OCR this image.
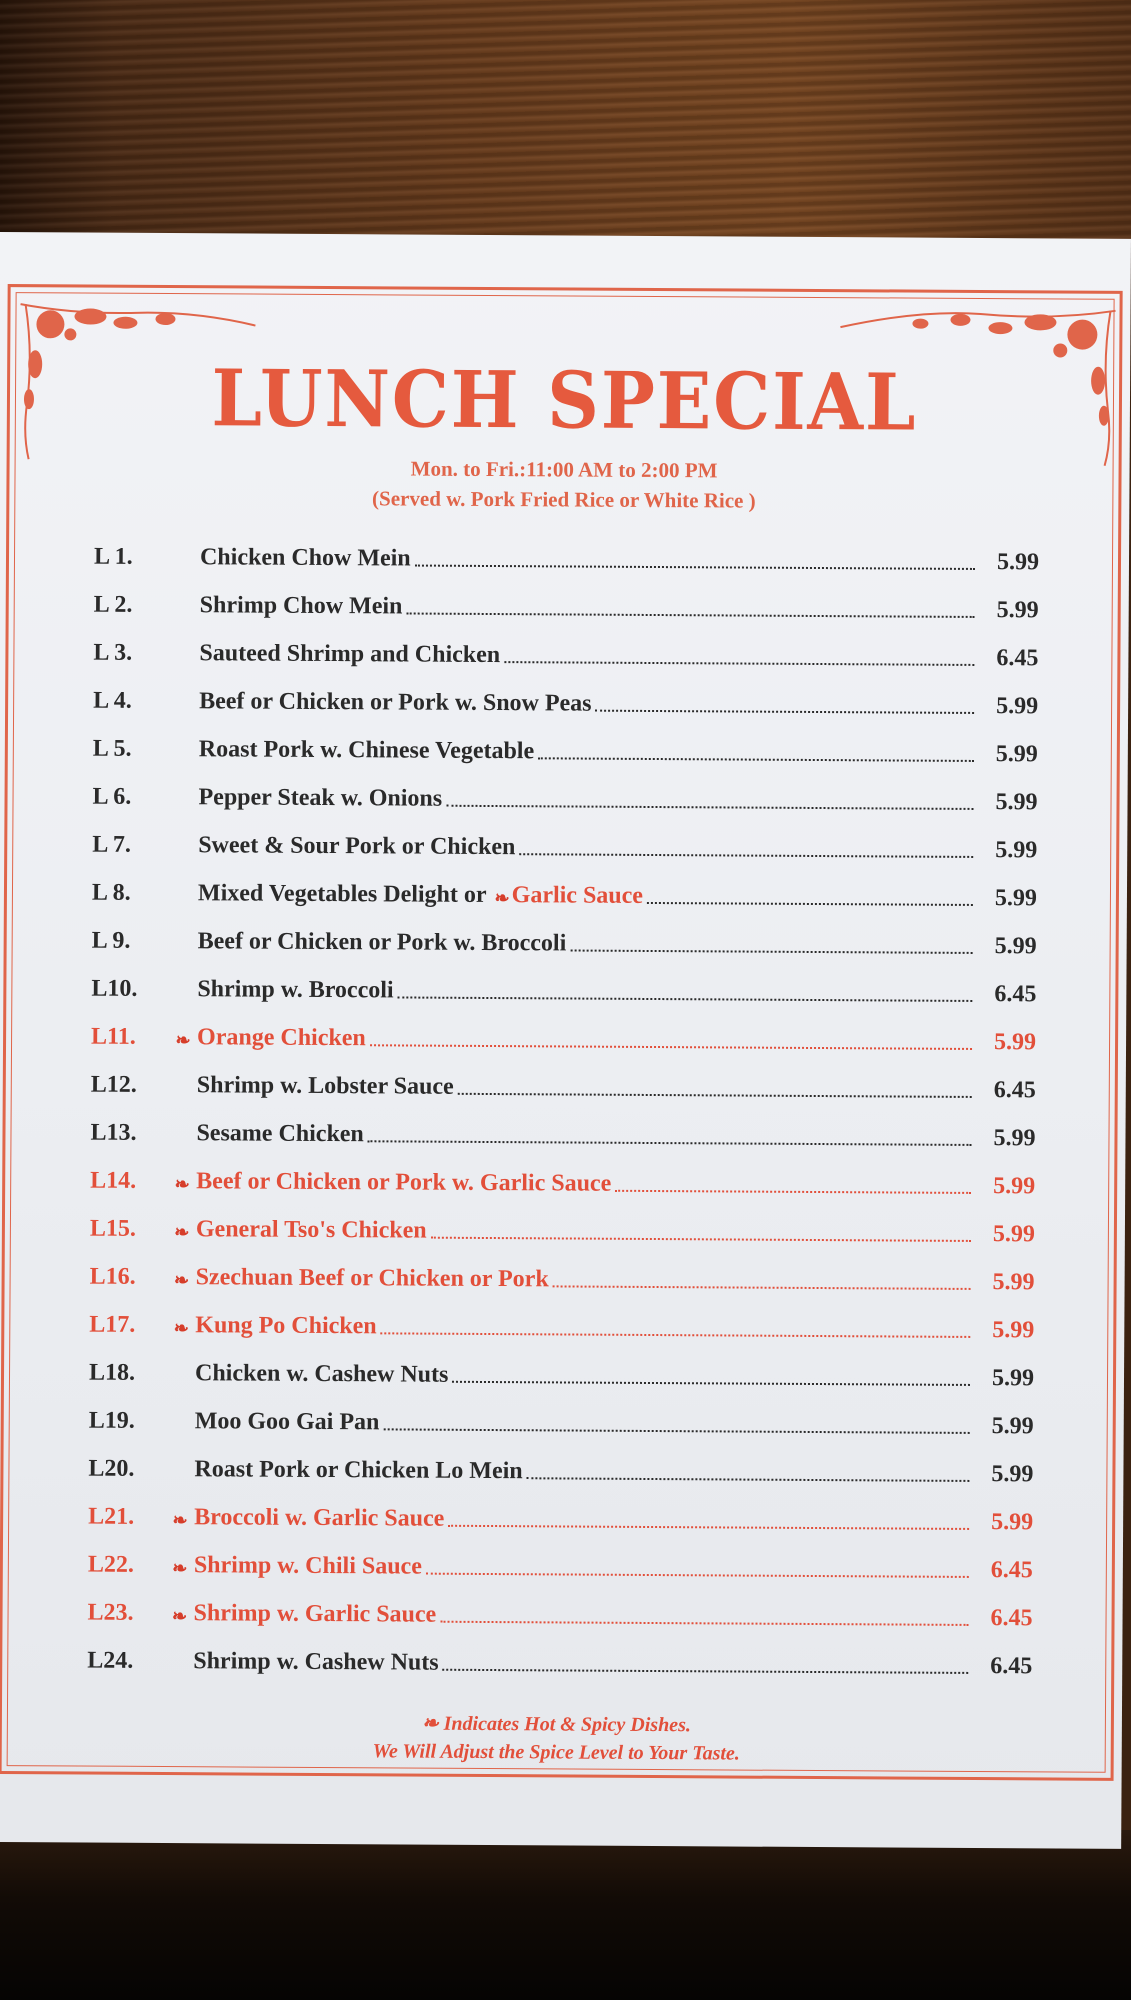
LUNCH SPECIAL
Mon. to Fri.:11:00 AM to 2:00 PM
(Served w. Pork Fried Rice or White Rice )
L 1.	Chicken Chow Mein	5.99
L 2.	Shrimp Chow Mein	5.99
L 3.	Sauteed Shrimp and Chicken	6.45
L 4.	Beef or Chicken or Pork w. Snow Peas	5.99
L 5.	Roast Pork w. Chinese Vegetable	5.99
L 6.	Pepper Steak w. Onions	5.99
L 7.	Sweet & Sour Pork or Chicken	5.99
L 8.	Mixed Vegetables Delight or ❧ Garlic Sauce	5.99
L 9.	Beef or Chicken or Pork w. Broccoli	5.99
L10.	Shrimp w. Broccoli	6.45
L11.	❧ Orange Chicken	5.99
L12.	Shrimp w. Lobster Sauce	6.45
L13.	Sesame Chicken	5.99
L14.	❧ Beef or Chicken or Pork w. Garlic Sauce	5.99
L15.	❧ General Tso's Chicken	5.99
L16.	❧ Szechuan Beef or Chicken or Pork	5.99
L17.	❧ Kung Po Chicken	5.99
L18.	Chicken w. Cashew Nuts	5.99
L19.	Moo Goo Gai Pan	5.99
L20.	Roast Pork or Chicken Lo Mein	5.99
L21.	❧ Broccoli w. Garlic Sauce	5.99
L22.	❧ Shrimp w. Chili Sauce	6.45
L23.	❧ Shrimp w. Garlic Sauce	6.45
L24.	Shrimp w. Cashew Nuts	6.45
❧ Indicates Hot & Spicy Dishes.
We Will Adjust the Spice Level to Your Taste.
